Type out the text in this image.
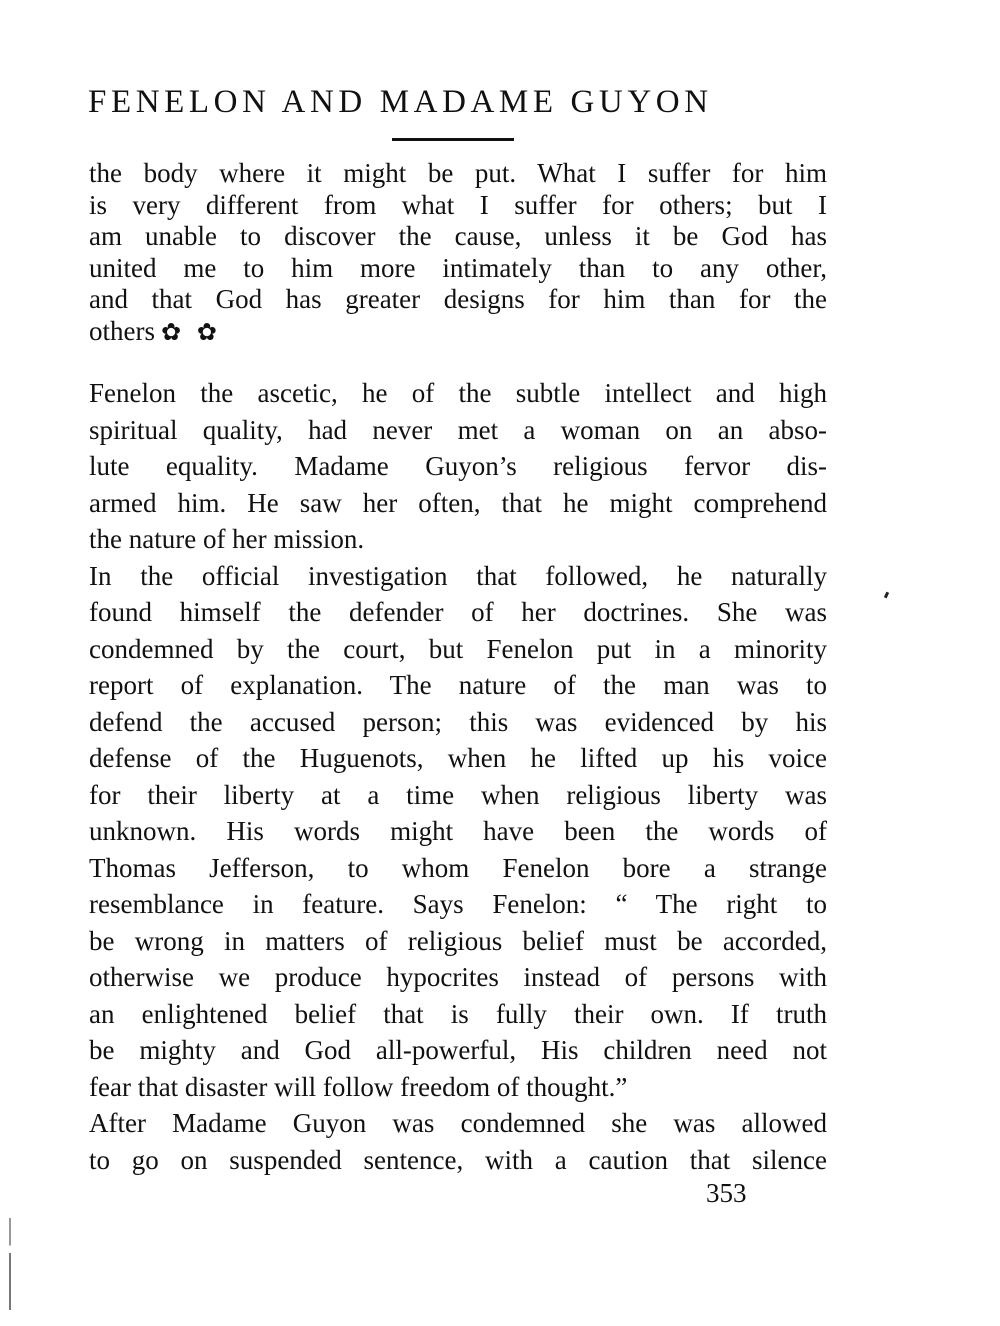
FENELON AND MADAME GUYON
the body where it might be put. What I suffer for him
is very different from what I suffer for others; but I
am unable to discover the cause, unless it be God has
united me to him more intimately than to any other,
and that God has greater designs for him than for the
others ✿ ✿
Fenelon the ascetic, he of the subtle intellect and high
spiritual quality, had never met a woman on an abso-
lute equality. Madame Guyon’s religious fervor dis-
armed him. He saw her often, that he might comprehend
the nature of her mission.
In the official investigation that followed, he naturally
found himself the defender of her doctrines. She was
condemned by the court, but Fenelon put in a minority
report of explanation. The nature of the man was to
defend the accused person; this was evidenced by his
defense of the Huguenots, when he lifted up his voice
for their liberty at a time when religious liberty was
unknown. His words might have been the words of
Thomas Jefferson, to whom Fenelon bore a strange
resemblance in feature. Says Fenelon: “ The right to
be wrong in matters of religious belief must be accorded,
otherwise we produce hypocrites instead of persons with
an enlightened belief that is fully their own. If truth
be mighty and God all-powerful, His children need not
fear that disaster will follow freedom of thought.”
After Madame Guyon was condemned she was allowed
to go on suspended sentence, with a caution that silence
353
